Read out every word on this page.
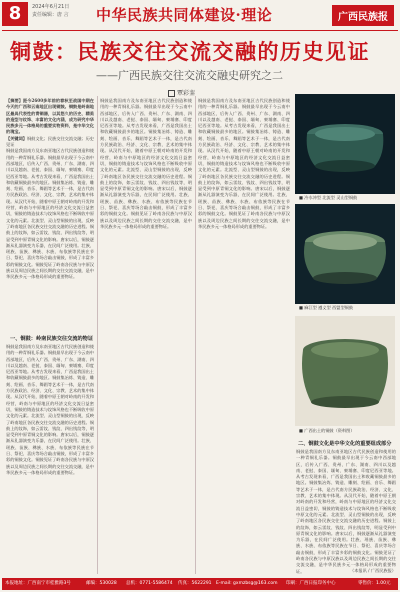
8	2024年6月21日
责任编辑：唐 言	中华民族共同体建设·理论	广西民族报
铜鼓：民族交往交流交融的历史见证
——广西民族交往交流交融史研究之二
覃彩銮

【摘要】距今2600多年前的春秋至战国中期在今天的广西和云南地区出现铜鼓。铜鼓是岭南地区最具代表性的青铜器，以其悠久的历史、精美的造型与纹饰、丰富的文化内涵，成为研究中华民族多元一体格局的重要实物资料，是中华文化的瑰宝。

【关键词】铜鼓文化；民族交往交流交融；历史见证

铜鼓是我国南方及东南亚地区古代民族创造和使用的一种青铜礼乐器。铜鼓最早出现于今云南中西部地区，后传入广西、贵州、广东、湖南、四川以及越南、老挝、泰国、缅甸、柬埔寨、印度尼西亚等地。从考古发现来看，广西是我国出土和收藏铜鼓最多的地区。铜鼓集冶炼、铸造、雕刻、绘画、音乐、舞蹈等艺术于一体，是古代南方民族政治、经济、文化、宗教、艺术的集中体现。从汉代开始，随着中原王朝对岭南的开发和经营，岭南与中原地区的经济文化交流日益密切，铜鼓的铸造技术与纹饰风格也不断吸收中原文化的元素。北流型、灵山型铜鼓的出现，反映了岭南地区各民族交往交流交融的历史进程。铜鼓上的纹饰，如云雷纹、钱纹、四出钱纹等，明显受到中原青铜文化的影响。唐宋以后，铜鼓逐渐从礼器演变为乐器，在民间广泛使用。壮族、瑶族、苗族、彝族、水族、布依族等民族在节日、祭祀、喜庆等场合敲击铜鼓，形成了丰富多彩的铜鼓文化。铜鼓见证了岭南各民族与中原汉族以及周边民族之间长期的交往交流交融，是中华民族多元一体格局形成的重要物证。

一、铜鼓：岭南民族交往交流的物证

铜鼓是我国南方及东南亚地区古代民族创造和使用的一种青铜礼乐器。铜鼓最早出现于今云南中西部地区，后传入广西、贵州、广东、湖南、四川以及越南、老挝、泰国、缅甸、柬埔寨、印度尼西亚等地。从考古发现来看，广西是我国出土和收藏铜鼓最多的地区。铜鼓集冶炼、铸造、雕刻、绘画、音乐、舞蹈等艺术于一体，是古代南方民族政治、经济、文化、宗教、艺术的集中体现。从汉代开始，随着中原王朝对岭南的开发和经营，岭南与中原地区的经济文化交流日益密切，铜鼓的铸造技术与纹饰风格也不断吸收中原文化的元素。北流型、灵山型铜鼓的出现，反映了岭南地区各民族交往交流交融的历史进程。铜鼓上的纹饰，如云雷纹、钱纹、四出钱纹等，明显受到中原青铜文化的影响。唐宋以后，铜鼓逐渐从礼器演变为乐器，在民间广泛使用。壮族、瑶族、苗族、彝族、水族、布依族等民族在节日、祭祀、喜庆等场合敲击铜鼓，形成了丰富多彩的铜鼓文化。铜鼓见证了岭南各民族与中原汉族以及周边民族之间长期的交往交流交融，是中华民族多元一体格局形成的重要物证。

铜鼓是我国南方及东南亚地区古代民族创造和使用的一种青铜礼乐器。铜鼓最早出现于今云南中西部地区，后传入广西、贵州、广东、湖南、四川以及越南、老挝、泰国、缅甸、柬埔寨、印度尼西亚等地。从考古发现来看，广西是我国出土和收藏铜鼓最多的地区。铜鼓集冶炼、铸造、雕刻、绘画、音乐、舞蹈等艺术于一体，是古代南方民族政治、经济、文化、宗教、艺术的集中体现。从汉代开始，随着中原王朝对岭南的开发和经营，岭南与中原地区的经济文化交流日益密切，铜鼓的铸造技术与纹饰风格也不断吸收中原文化的元素。北流型、灵山型铜鼓的出现，反映了岭南地区各民族交往交流交融的历史进程。铜鼓上的纹饰，如云雷纹、钱纹、四出钱纹等，明显受到中原青铜文化的影响。唐宋以后，铜鼓逐渐从礼器演变为乐器，在民间广泛使用。壮族、瑶族、苗族、彝族、水族、布依族等民族在节日、祭祀、喜庆等场合敲击铜鼓，形成了丰富多彩的铜鼓文化。铜鼓见证了岭南各民族与中原汉族以及周边民族之间长期的交往交流交融，是中华民族多元一体格局形成的重要物证。

铜鼓是我国南方及东南亚地区古代民族创造和使用的一种青铜礼乐器。铜鼓最早出现于今云南中西部地区，后传入广西、贵州、广东、湖南、四川以及越南、老挝、泰国、缅甸、柬埔寨、印度尼西亚等地。从考古发现来看，广西是我国出土和收藏铜鼓最多的地区。铜鼓集冶炼、铸造、雕刻、绘画、音乐、舞蹈等艺术于一体，是古代南方民族政治、经济、文化、宗教、艺术的集中体现。从汉代开始，随着中原王朝对岭南的开发和经营，岭南与中原地区的经济文化交流日益密切，铜鼓的铸造技术与纹饰风格也不断吸收中原文化的元素。北流型、灵山型铜鼓的出现，反映了岭南地区各民族交往交流交融的历史进程。铜鼓上的纹饰，如云雷纹、钱纹、四出钱纹等，明显受到中原青铜文化的影响。唐宋以后，铜鼓逐渐从礼器演变为乐器，在民间广泛使用。壮族、瑶族、苗族、彝族、水族、布依族等民族在节日、祭祀、喜庆等场合敲击铜鼓，形成了丰富多彩的铜鼓文化。铜鼓见证了岭南各民族与中原汉族以及周边民族之间长期的交往交流交融，是中华民族多元一体格局形成的重要物证。

■ 冷水冲型 北流型 灵山型铜鼓
■ 麻江型 遵义型 西盟型铜鼓
■ 广西出土的铜鼓（资料图）
二、铜鼓文化是中华文化的重要组成部分

铜鼓是我国南方及东南亚地区古代民族创造和使用的一种青铜礼乐器。铜鼓最早出现于今云南中西部地区，后传入广西、贵州、广东、湖南、四川以及越南、老挝、泰国、缅甸、柬埔寨、印度尼西亚等地。从考古发现来看，广西是我国出土和收藏铜鼓最多的地区。铜鼓集冶炼、铸造、雕刻、绘画、音乐、舞蹈等艺术于一体，是古代南方民族政治、经济、文化、宗教、艺术的集中体现。从汉代开始，随着中原王朝对岭南的开发和经营，岭南与中原地区的经济文化交流日益密切，铜鼓的铸造技术与纹饰风格也不断吸收中原文化的元素。北流型、灵山型铜鼓的出现，反映了岭南地区各民族交往交流交融的历史进程。铜鼓上的纹饰，如云雷纹、钱纹、四出钱纹等，明显受到中原青铜文化的影响。唐宋以后，铜鼓逐渐从礼器演变为乐器，在民间广泛使用。壮族、瑶族、苗族、彝族、水族、布依族等民族在节日、祭祀、喜庆等场合敲击铜鼓，形成了丰富多彩的铜鼓文化。铜鼓见证了岭南各民族与中原汉族以及周边民族之间长期的交往交流交融，是中华民族多元一体格局形成的重要物证。	（本报讯 / 广西民族报）
本报地址：广西南宁市桂雅路3号	邮编：530028 总机：0771-5586474 传真：5622291 E-mail: gxmzbsg@163.com 印刷：广西日报印务中心	零售价：1.00元
